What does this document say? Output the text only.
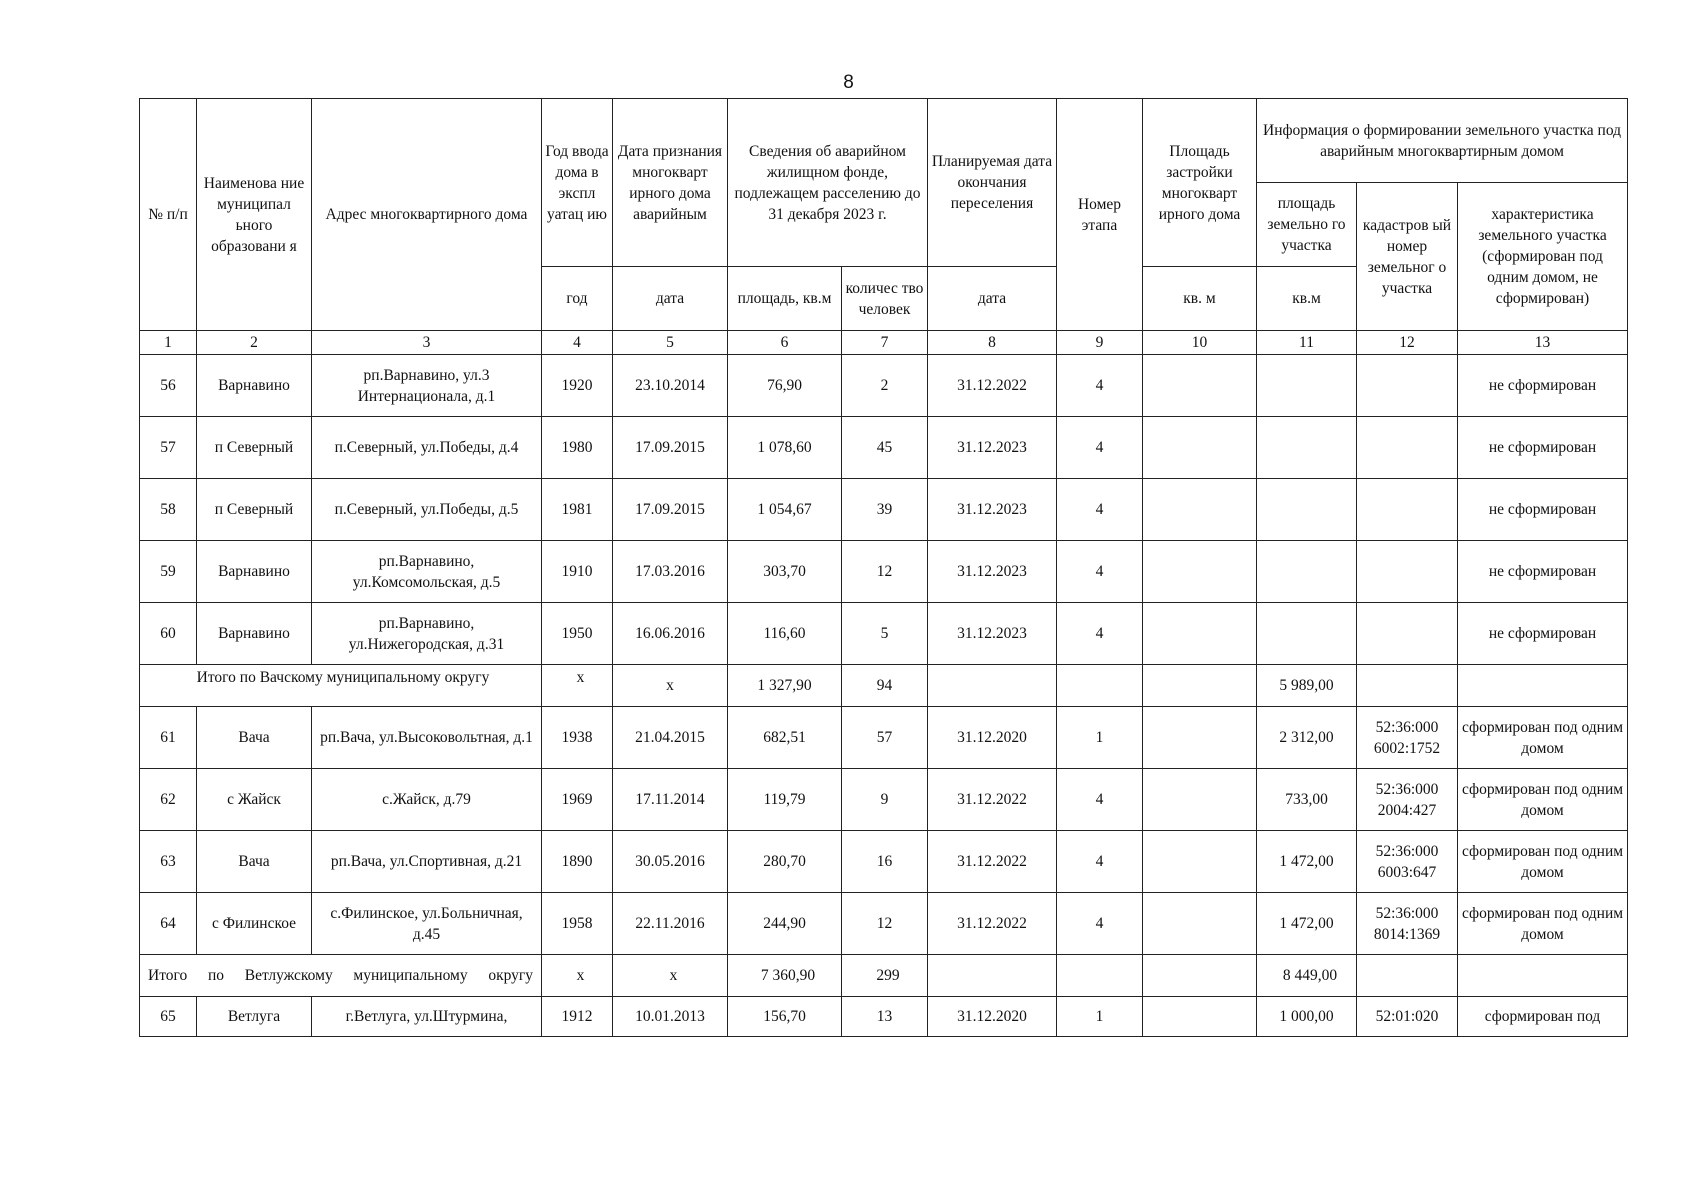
8
№ п/п	Наименова ние муниципал ьного образовани я	Адрес многоквартирного дома	Год ввода дома в экспл уатац ию	Дата признания многокварт ирного дома аварийным	Сведения об аварийном жилищном фонде, подлежащем расселению до 31 декабря 2023 г.		Планируемая дата окончания переселения	Номер этапа	Площадь застройки многокварт ирного дома	Информация о формировании земельного участка под аварийным многоквартирным домом		
										площадь земельно го участка	кадастров ый номер земельног о участка	характеристика земельного участка (сформирован под одним домом, не сформирован)
			год	дата	площадь, кв.м	количес тво человек	дата		кв. м	кв.м		
1	2	3	4	5	6	7	8	9	10	11	12	13
56	Варнавино	рп.Варнавино, ул.3 Интернационала, д.1	1920	23.10.2014	76,90	2	31.12.2022	4				не сформирован
57	п Северный	п.Северный, ул.Победы, д.4	1980	17.09.2015	1 078,60	45	31.12.2023	4				не сформирован
58	п Северный	п.Северный, ул.Победы, д.5	1981	17.09.2015	1 054,67	39	31.12.2023	4				не сформирован
59	Варнавино	рп.Варнавино, ул.Комсомольская, д.5	1910	17.03.2016	303,70	12	31.12.2023	4				не сформирован
60	Варнавино	рп.Варнавино, ул.Нижегородская, д.31	1950	16.06.2016	116,60	5	31.12.2023	4				не сформирован
Итого по Вачскому муниципальному округу			х	х	1 327,90	94				5 989,00		
61	Вача	рп.Вача, ул.Высоковольтная, д.1	1938	21.04.2015	682,51	57	31.12.2020	1		2 312,00	52:36:000 6002:1752	сформирован под одним домом
62	с Жайск	с.Жайск, д.79	1969	17.11.2014	119,79	9	31.12.2022	4		733,00	52:36:000 2004:427	сформирован под одним домом
63	Вача	рп.Вача, ул.Спортивная, д.21	1890	30.05.2016	280,70	16	31.12.2022	4		1 472,00	52:36:000 6003:647	сформирован под одним домом
64	с Филинское	с.Филинское, ул.Больничная, д.45	1958	22.11.2016	244,90	12	31.12.2022	4		1 472,00	52:36:000 8014:1369	сформирован под одним домом
Итого по Ветлужскому муниципальному округу			х	х	7 360,90	299				8 449,00		
65	Ветлуга	г.Ветлуга, ул.Штурмина,	1912	10.01.2013	156,70	13	31.12.2020	1		1 000,00	52:01:020	сформирован под
